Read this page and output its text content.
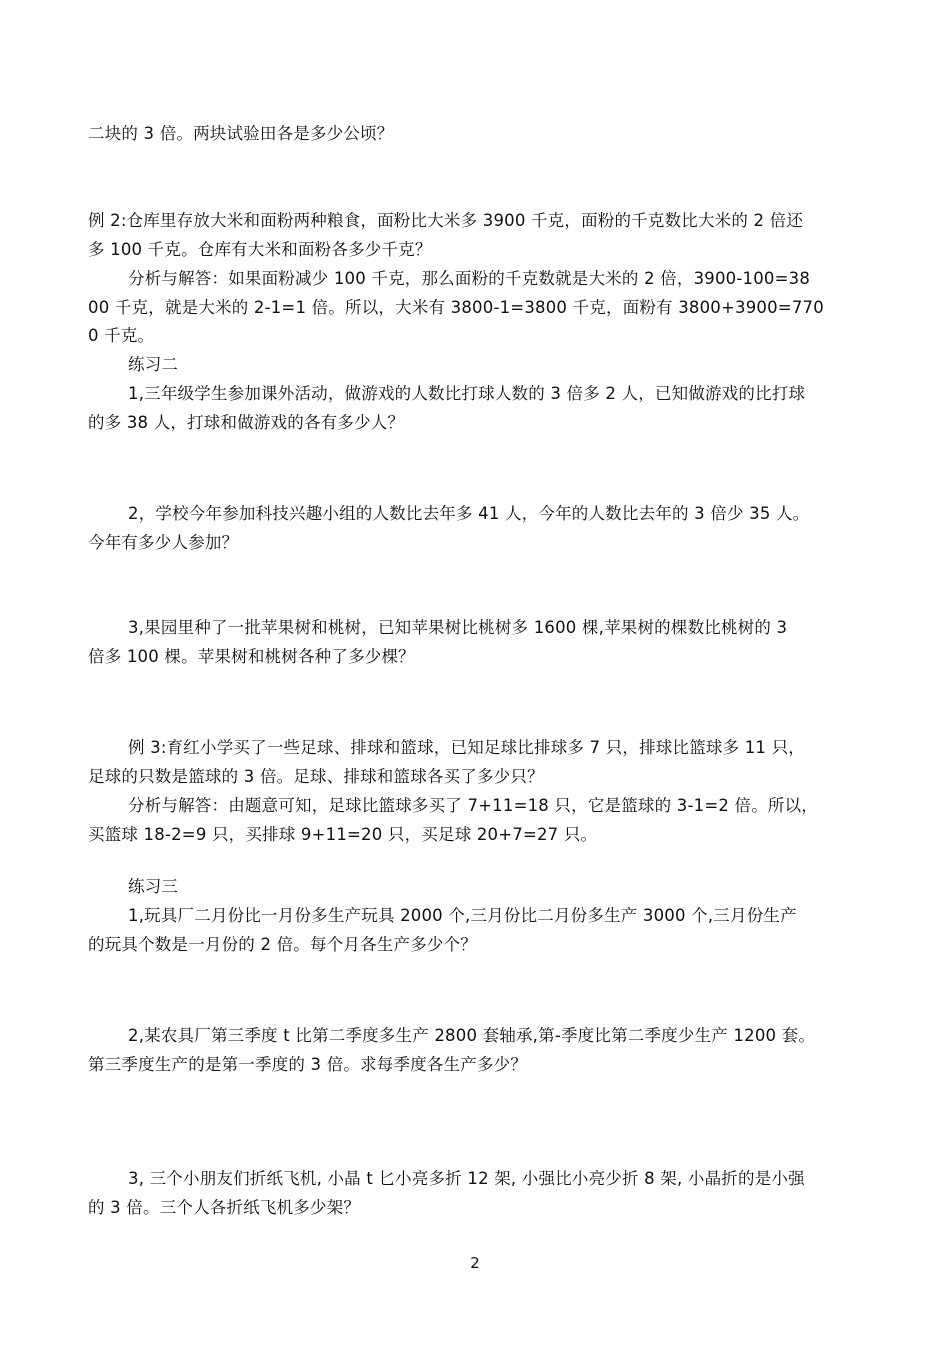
二块的 3 倍。两块试验田各是多少公顷？
例 2:仓库里存放大米和面粉两种粮食，面粉比大米多 3900 千克，面粉的千克数比大米的 2 倍还
多 100 千克。仓库有大米和面粉各多少千克？
分析与解答：如果面粉减少 100 千克，那么面粉的千克数就是大米的 2 倍，3900-100=38
00 千克，就是大米的 2-1=1 倍。所以，大米有 3800-1=3800 千克，面粉有 3800+3900=770
0 千克。
练习二
1,三年级学生参加课外活动，做游戏的人数比打球人数的 3 倍多 2 人，已知做游戏的比打球
的多 38 人，打球和做游戏的各有多少人？
2，学校今年参加科技兴趣小组的人数比去年多 41 人，今年的人数比去年的 3 倍少 35 人。
今年有多少人参加？
3,果园里种了一批苹果树和桃树，已知苹果树比桃树多 1600 棵,苹果树的棵数比桃树的 3
倍多 100 棵。苹果树和桃树各种了多少棵？
例 3:育红小学买了一些足球、排球和篮球，已知足球比排球多 7 只，排球比篮球多 11 只，
足球的只数是篮球的 3 倍。足球、排球和篮球各买了多少只？
分析与解答：由题意可知，足球比篮球多买了 7+11=18 只，它是篮球的 3-1=2 倍。所以，
买篮球 18-2=9 只，买排球 9+11=20 只，买足球 20+7=27 只。
练习三
1,玩具厂二月份比一月份多生产玩具 2000 个,三月份比二月份多生产 3000 个,三月份生产
的玩具个数是一月份的 2 倍。每个月各生产多少个？
2,某农具厂第三季度 t 比第二季度多生产 2800 套轴承,第-季度比第二季度少生产 1200 套。
第三季度生产的是第一季度的 3 倍。求每季度各生产多少？
3, 三个小朋友们折纸飞机, 小晶 t 匕小亮多折 12 架, 小强比小亮少折 8 架, 小晶折的是小强
的 3 倍。三个人各折纸飞机多少架？
2
